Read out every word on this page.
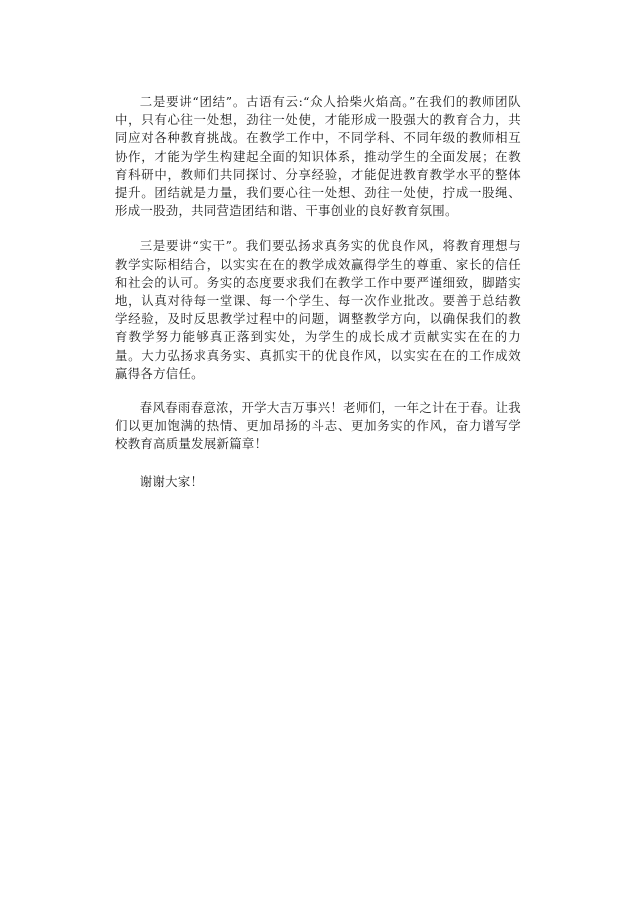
二是要讲“团结”。古语有云:“众人拾柴火焰高。”在我们的教师团队中，只有心往一处想，劲往一处使，才能形成一股强大的教育合力，共同应对各种教育挑战。在教学工作中，不同学科、不同年级的教师相互协作，才能为学生构建起全面的知识体系，推动学生的全面发展；在教育科研中，教师们共同探讨、分享经验，才能促进教育教学水平的整体提升。团结就是力量，我们要心往一处想、劲往一处使，拧成一股绳、形成一股劲，共同营造团结和谐、干事创业的良好教育氛围。

三是要讲“实干”。我们要弘扬求真务实的优良作风，将教育理想与教学实际相结合，以实实在在的教学成效赢得学生的尊重、家长的信任和社会的认可。务实的态度要求我们在教学工作中要严谨细致，脚踏实地，认真对待每一堂课、每一个学生、每一次作业批改。要善于总结教学经验，及时反思教学过程中的问题，调整教学方向，以确保我们的教育教学努力能够真正落到实处，为学生的成长成才贡献实实在在的力量。大力弘扬求真务实、真抓实干的优良作风，以实实在在的工作成效赢得各方信任。

春风春雨春意浓，开学大吉万事兴！老师们，一年之计在于春。让我们以更加饱满的热情、更加昂扬的斗志、更加务实的作风，奋力谱写学校教育高质量发展新篇章！

谢谢大家！
